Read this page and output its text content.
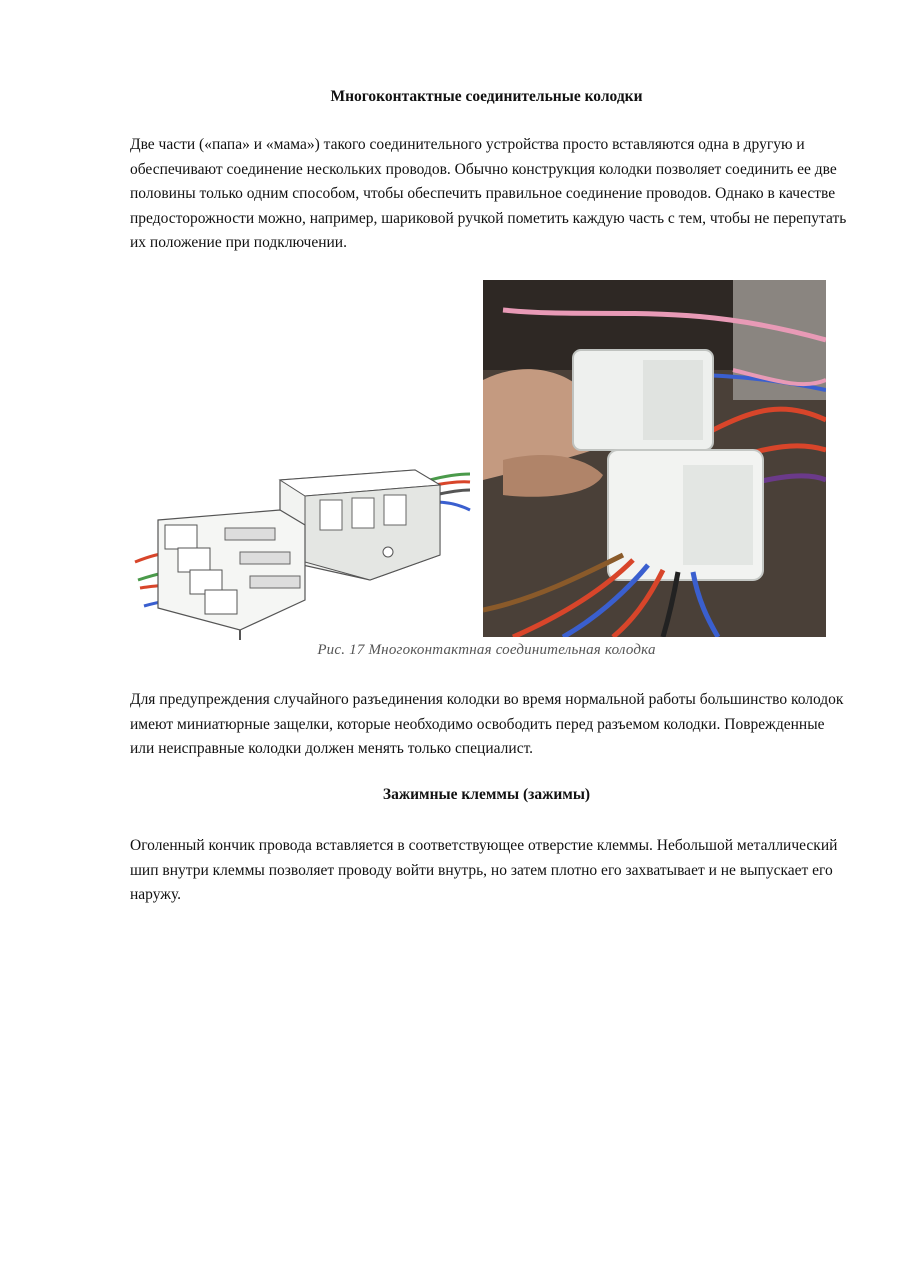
Многоконтактные соединительные колодки

Две части («папа» и «мама») такого соединительного устройства просто вставляются одна в другую и обеспечивают соединение нескольких проводов. Обычно конструкция колодки позволяет соединить ее две половины только одним способом, чтобы обеспечить правильное соединение проводов. Однако в качестве предосторожности можно, например, шариковой ручкой пометить каждую часть с тем, чтобы не перепутать их положение при подключении.

Рис. 17 Многоконтактная соединительная колодка

Для предупреждения случайного разъединения колодки во время нормальной работы большинство колодок имеют миниатюрные защелки, которые необходимо освободить перед разъемом колодки. Поврежденные или неисправные колодки должен менять только специалист.

Зажимные клеммы (зажимы)

Оголенный кончик провода вставляется в соответствующее отверстие клеммы. Небольшой металлический шип внутри клеммы позволяет проводу войти внутрь, но затем плотно его захватывает и не выпускает его наружу.
